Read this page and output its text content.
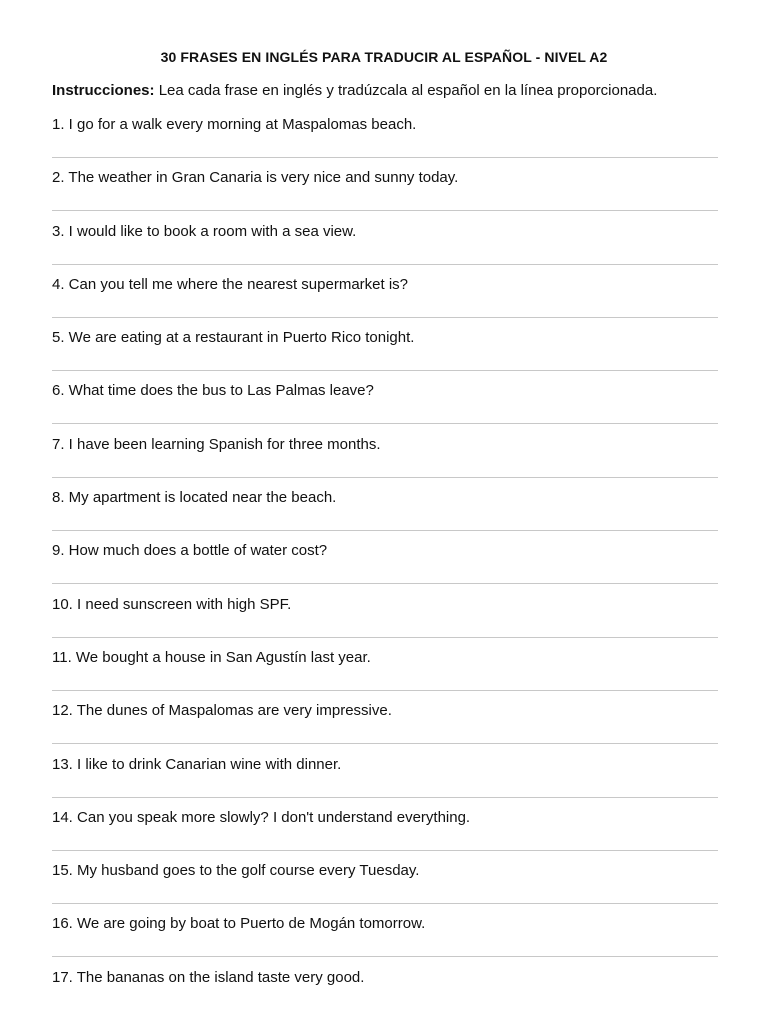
30 FRASES EN INGLÉS PARA TRADUCIR AL ESPAÑOL - NIVEL A2
Instrucciones: Lea cada frase en inglés y tradúzcala al español en la línea proporcionada.
1. I go for a walk every morning at Maspalomas beach.
2. The weather in Gran Canaria is very nice and sunny today.
3. I would like to book a room with a sea view.
4. Can you tell me where the nearest supermarket is?
5. We are eating at a restaurant in Puerto Rico tonight.
6. What time does the bus to Las Palmas leave?
7. I have been learning Spanish for three months.
8. My apartment is located near the beach.
9. How much does a bottle of water cost?
10. I need sunscreen with high SPF.
11. We bought a house in San Agustín last year.
12. The dunes of Maspalomas are very impressive.
13. I like to drink Canarian wine with dinner.
14. Can you speak more slowly? I don't understand everything.
15. My husband goes to the golf course every Tuesday.
16. We are going by boat to Puerto de Mogán tomorrow.
17. The bananas on the island taste very good.
